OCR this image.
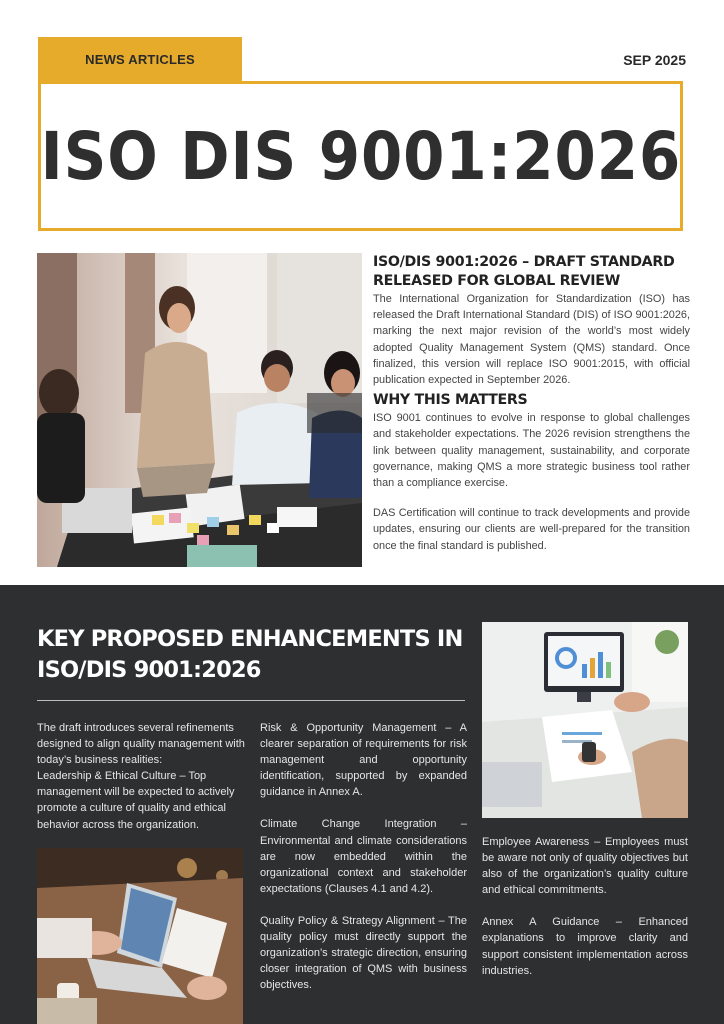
NEWS ARTICLES	SEP 2025
ISO DIS 9001:2026
ISO/DIS 9001:2026 – DRAFT STANDARD RELEASED FOR GLOBAL REVIEW

The International Organization for Standardization (ISO) has released the Draft International Standard (DIS) of ISO 9001:2026, marking the next major revision of the world’s most widely adopted Quality Management System (QMS) standard. Once finalized, this version will replace ISO 9001:2015, with official publication expected in September 2026.

WHY THIS MATTERS

ISO 9001 continues to evolve in response to global challenges and stakeholder expectations. The 2026 revision strengthens the link between quality management, sustainability, and corporate governance, making QMS a more strategic business tool rather than a compliance exercise.

DAS Certification will continue to track developments and provide updates, ensuring our clients are well-prepared for the transition once the final standard is published.

KEY PROPOSED ENHANCEMENTS IN ISO/DIS 9001:2026

The draft introduces several refinements designed to align quality management with today’s business realities:

Leadership & Ethical Culture – Top management will be expected to actively promote a culture of quality and ethical behavior across the organization.

Risk & Opportunity Management – A clearer separation of requirements for risk management and opportunity identification, supported by expanded guidance in Annex A.

Climate Change Integration – Environmental and climate considerations are now embedded within the organizational context and stakeholder expectations (Clauses 4.1 and 4.2).

Quality Policy & Strategy Alignment – The quality policy must directly support the organization’s strategic direction, ensuring closer integration of QMS with business objectives.

Employee Awareness – Employees must be aware not only of quality objectives but also of the organization’s quality culture and ethical commitments.

Annex A Guidance – Enhanced explanations to improve clarity and support consistent implementation across industries.
